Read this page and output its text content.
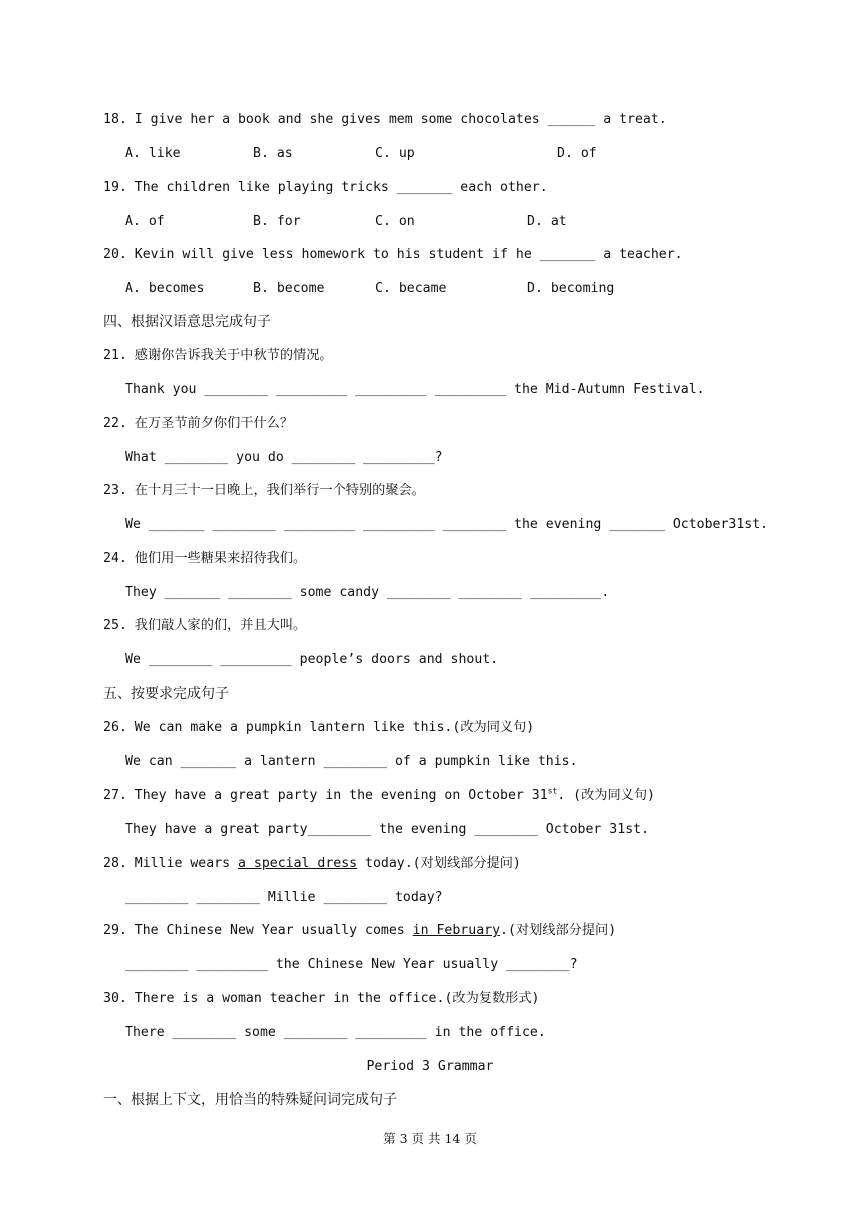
18. I give her a book and she gives mem some chocolates ______ a treat.
A. like	B. as	C. up	D. of
19. The children like playing tricks _______ each other.
A. of	B. for	C. on	D. at
20. Kevin will give less homework to his student if he _______ a teacher.
A. becomes	B. become	C. became	D. becoming
四、根据汉语意思完成句子
21. 感谢你告诉我关于中秋节的情况。
Thank you ________ _________ _________ _________ the Mid-Autumn Festival.
22. 在万圣节前夕你们干什么？
What ________ you do ________ _________?
23. 在十月三十一日晚上，我们举行一个特别的聚会。
We _______ ________ _________ _________ ________ the evening _______ October31st.
24. 他们用一些糖果来招待我们。
They _______ ________ some candy ________ ________ _________.
25. 我们敲人家的们，并且大叫。
We ________ _________ people’s doors and shout.
五、按要求完成句子
26. We can make a pumpkin lantern like this.(改为同义句)
We can _______ a lantern ________ of a pumpkin like this.
27. They have a great party in the evening on October 31st. (改为同义句)
They have a great party________ the evening ________ October 31st.
28. Millie wears a special dress today.(对划线部分提问)
________ ________ Millie ________ today?
29. The Chinese New Year usually comes in February.(对划线部分提问)
________ _________ the Chinese New Year usually ________?
30. There is a woman teacher in the office.(改为复数形式)
There ________ some ________ _________ in the office.
Period 3 Grammar
一、根据上下文，用恰当的特殊疑问词完成句子
第 3 页 共 14 页
